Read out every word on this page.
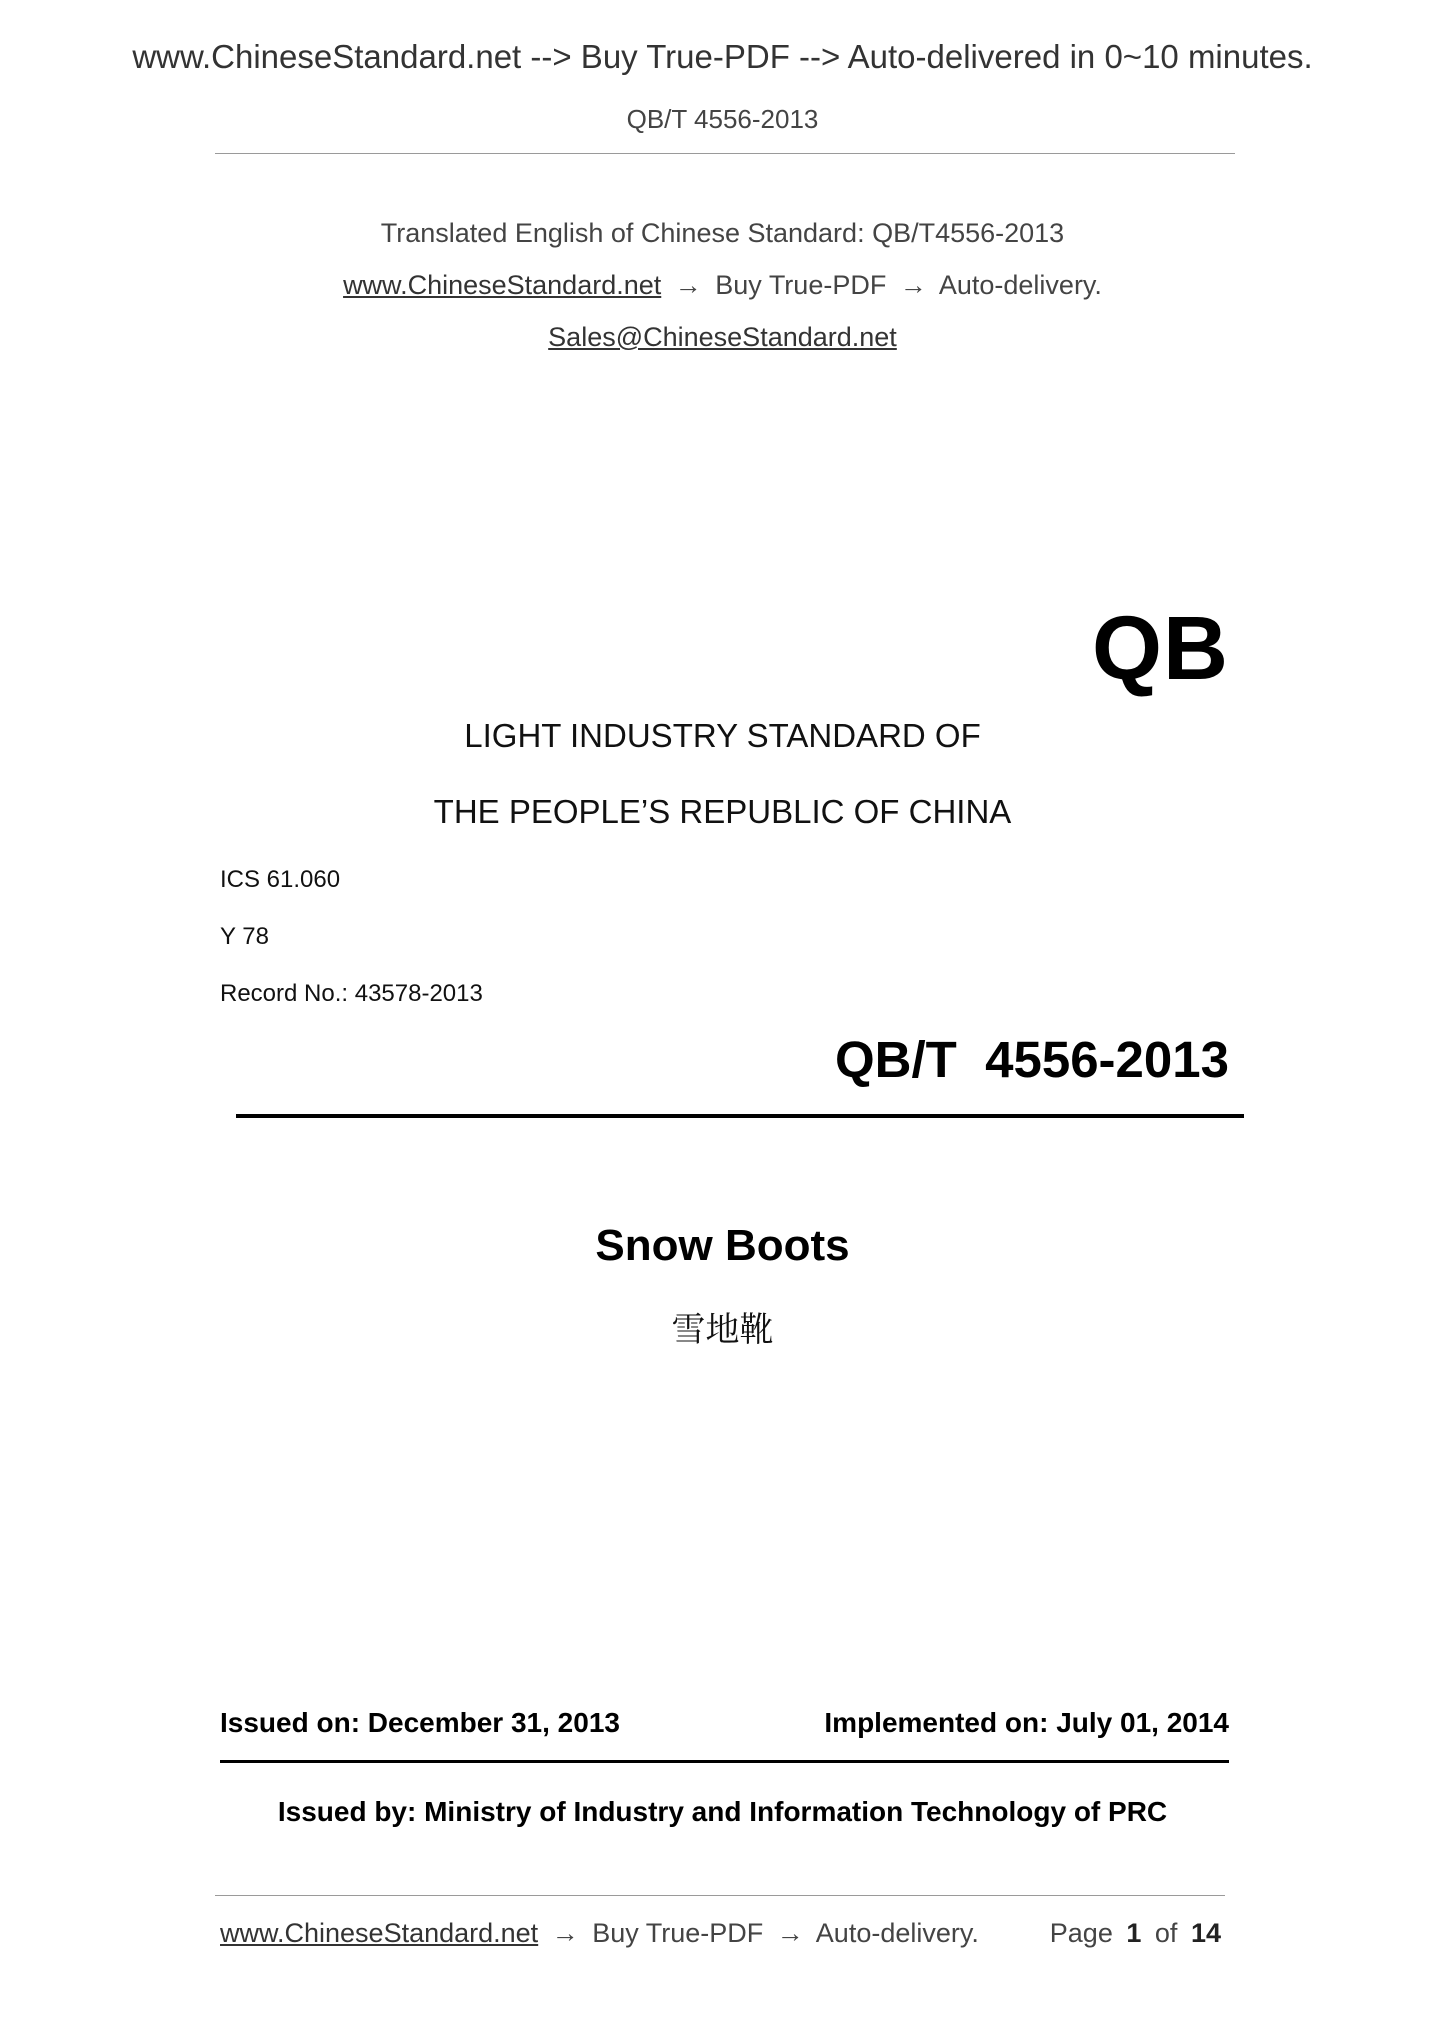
www.ChineseStandard.net --> Buy True-PDF --> Auto-delivered in 0~10 minutes.
QB/T 4556-2013
Translated English of Chinese Standard: QB/T4556-2013
www.ChineseStandard.net → Buy True-PDF → Auto-delivery.
Sales@ChineseStandard.net
QB
LIGHT INDUSTRY STANDARD OF
THE PEOPLE’S REPUBLIC OF CHINA
ICS 61.060
Y 78
Record No.: 43578-2013
QB/T  4556-2013
Snow Boots
雪地靴
Issued on: December 31, 2013	Implemented on: July 01, 2014
Issued by: Ministry of Industry and Information Technology of PRC
www.ChineseStandard.net → Buy True-PDF → Auto-delivery.	Page 1 of 14
